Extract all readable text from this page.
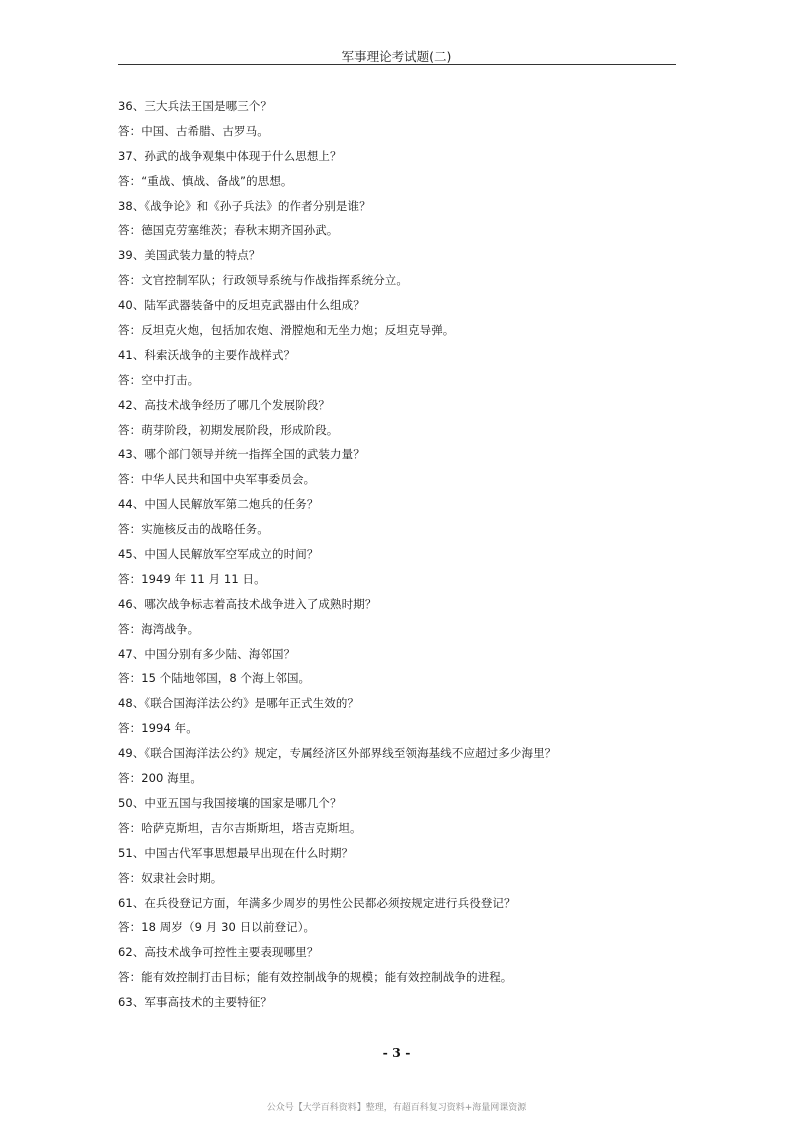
军事理论考试题(二)
36、三大兵法王国是哪三个？
答：中国、古希腊、古罗马。
37、孙武的战争观集中体现于什么思想上？
答：“重战、慎战、备战”的思想。
38、《战争论》和《孙子兵法》的作者分别是谁？
答：德国克劳塞维茨；春秋末期齐国孙武。
39、美国武装力量的特点？
答：文官控制军队；行政领导系统与作战指挥系统分立。
40、陆军武器装备中的反坦克武器由什么组成？
答：反坦克火炮，包括加农炮、滑膛炮和无坐力炮；反坦克导弹。
41、科索沃战争的主要作战样式？
答：空中打击。
42、高技术战争经历了哪几个发展阶段？
答：萌芽阶段，初期发展阶段，形成阶段。
43、哪个部门领导并统一指挥全国的武装力量？
答：中华人民共和国中央军事委员会。
44、中国人民解放军第二炮兵的任务？
答：实施核反击的战略任务。
45、中国人民解放军空军成立的时间？
答：1949 年 11 月 11 日。
46、哪次战争标志着高技术战争进入了成熟时期？
答：海湾战争。
47、中国分别有多少陆、海邻国？
答：15 个陆地邻国，8 个海上邻国。
48、《联合国海洋法公约》是哪年正式生效的？
答：1994 年。
49、《联合国海洋法公约》规定，专属经济区外部界线至领海基线不应超过多少海里？
答：200 海里。
50、中亚五国与我国接壤的国家是哪几个？
答：哈萨克斯坦，吉尔吉斯斯坦，塔吉克斯坦。
51、中国古代军事思想最早出现在什么时期？
答：奴隶社会时期。
61、在兵役登记方面，年满多少周岁的男性公民都必须按规定进行兵役登记？
答：18 周岁（9 月 30 日以前登记）。
62、高技术战争可控性主要表现哪里？
答：能有效控制打击目标；能有效控制战争的规模；能有效控制战争的进程。
63、军事高技术的主要特征？
- 3 -
公众号【大学百科资料】整理，有超百科复习资料+海量网课资源
